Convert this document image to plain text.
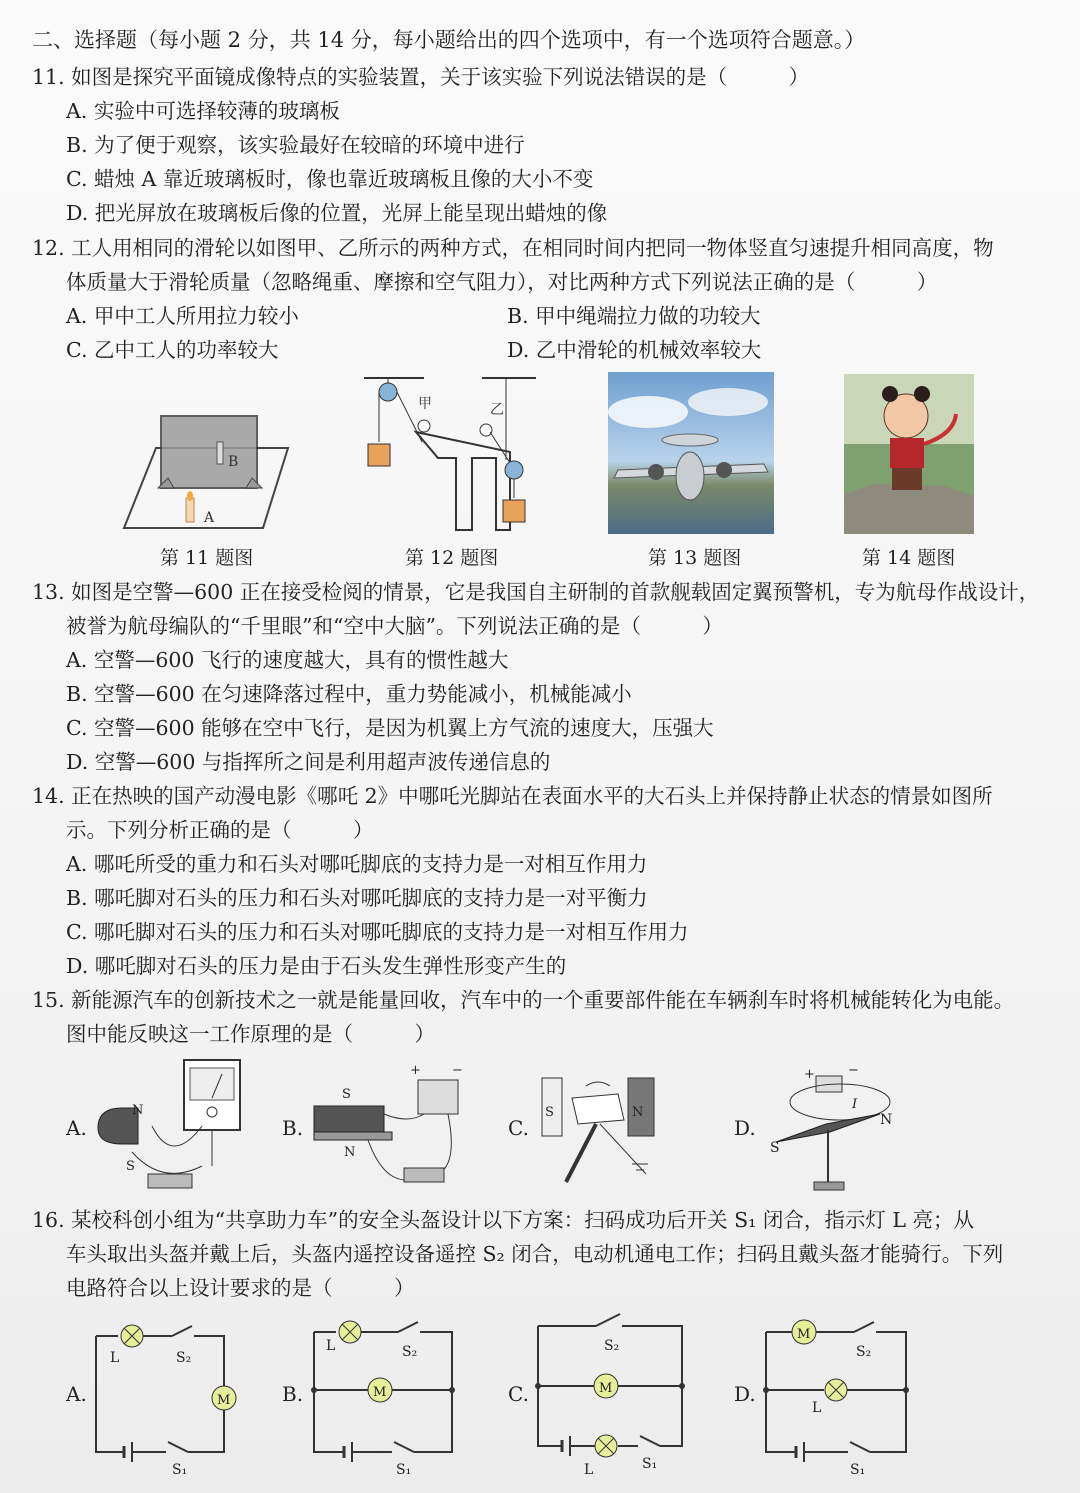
二、选择题（每小题 2 分，共 14 分，每小题给出的四个选项中，有一个选项符合题意。）
11. 如图是探究平面镜成像特点的实验装置，关于该实验下列说法错误的是（　　　）
A. 实验中可选择较薄的玻璃板
B. 为了便于观察，该实验最好在较暗的环境中进行
C. 蜡烛 A 靠近玻璃板时，像也靠近玻璃板且像的大小不变
D. 把光屏放在玻璃板后像的位置，光屏上能呈现出蜡烛的像
12. 工人用相同的滑轮以如图甲、乙所示的两种方式，在相同时间内把同一物体竖直匀速提升相同高度，物
体质量大于滑轮质量（忽略绳重、摩擦和空气阻力），对比两种方式下列说法正确的是（　　　）
A. 甲中工人所用拉力较小	B. 甲中绳端拉力做的功较大
C. 乙中工人的功率较大	D. 乙中滑轮的机械效率较大
B
A
第 11 题图
甲	乙
第 12 题图	第 13 题图	第 14 题图
13. 如图是空警—600 正在接受检阅的情景，它是我国自主研制的首款舰载固定翼预警机，专为航母作战设计，
被誉为航母编队的“千里眼”和“空中大脑”。下列说法正确的是（　　　）
A. 空警—600 飞行的速度越大，具有的惯性越大
B. 空警—600 在匀速降落过程中，重力势能减小，机械能减小
C. 空警—600 能够在空中飞行，是因为机翼上方气流的速度大，压强大
D. 空警—600 与指挥所之间是利用超声波传递信息的
14. 正在热映的国产动漫电影《哪吒 2》中哪吒光脚站在表面水平的大石头上并保持静止状态的情景如图所
示。下列分析正确的是（　　　）
A. 哪吒所受的重力和石头对哪吒脚底的支持力是一对相互作用力
B. 哪吒脚对石头的压力和石头对哪吒脚底的支持力是一对平衡力
C. 哪吒脚对石头的压力和石头对哪吒脚底的支持力是一对相互作用力
D. 哪吒脚对石头的压力是由于石头发生弹性形变产生的
15. 新能源汽车的创新技术之一就是能量回收，汽车中的一个重要部件能在车辆刹车时将机械能转化为电能。
图中能反映这一工作原理的是（　　　）
A.
N
S
B.
+ −
S
N
C.
S	N
D.
+	−
I
S
N
16. 某校科创小组为“共享助力车”的安全头盔设计以下方案：扫码成功后开关 S₁ 闭合，指示灯 L 亮；从
车头取出头盔并戴上后，头盔内遥控设备遥控 S₂ 闭合，电动机通电工作；扫码且戴头盔才能骑行。下列
电路符合以上设计要求的是（　　　）
A.
L	S₂
M
S₁
B.
L	S₂
M
S₁
C.
S₂
M
L	S₁
D.
M
S₂
L
S₁
